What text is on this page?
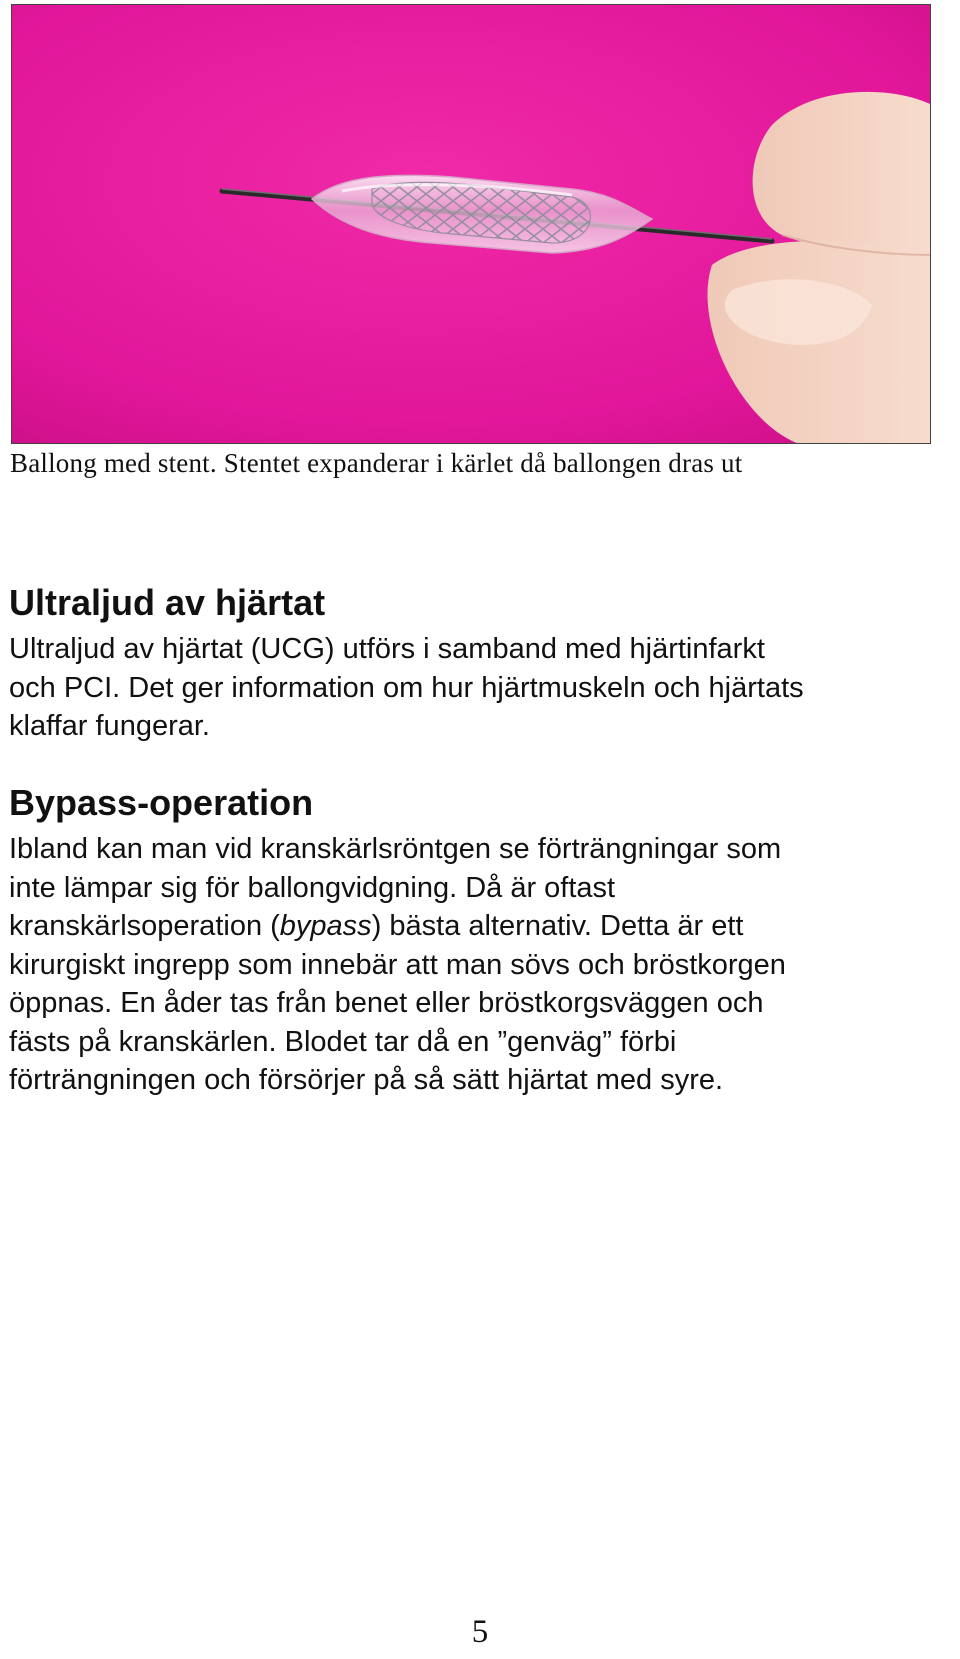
Ballong med stent. Stentet expanderar i kärlet då ballongen dras ut
Ultraljud av hjärtat
Ultraljud av hjärtat (UCG) utförs i samband med hjärtinfarkt
och PCI. Det ger information om hur hjärtmuskeln och hjärtats
klaffar fungerar.
Bypass-operation
Ibland kan man vid kranskärlsröntgen se förträngningar som
inte lämpar sig för ballongvidgning. Då är oftast
kranskärlsoperation (bypass) bästa alternativ. Detta är ett
kirurgiskt ingrepp som innebär att man sövs och bröstkorgen
öppnas. En åder tas från benet eller bröstkorgsväggen och
fästs på kranskärlen. Blodet tar då en ”genväg” förbi
förträngningen och försörjer på så sätt hjärtat med syre.
5
